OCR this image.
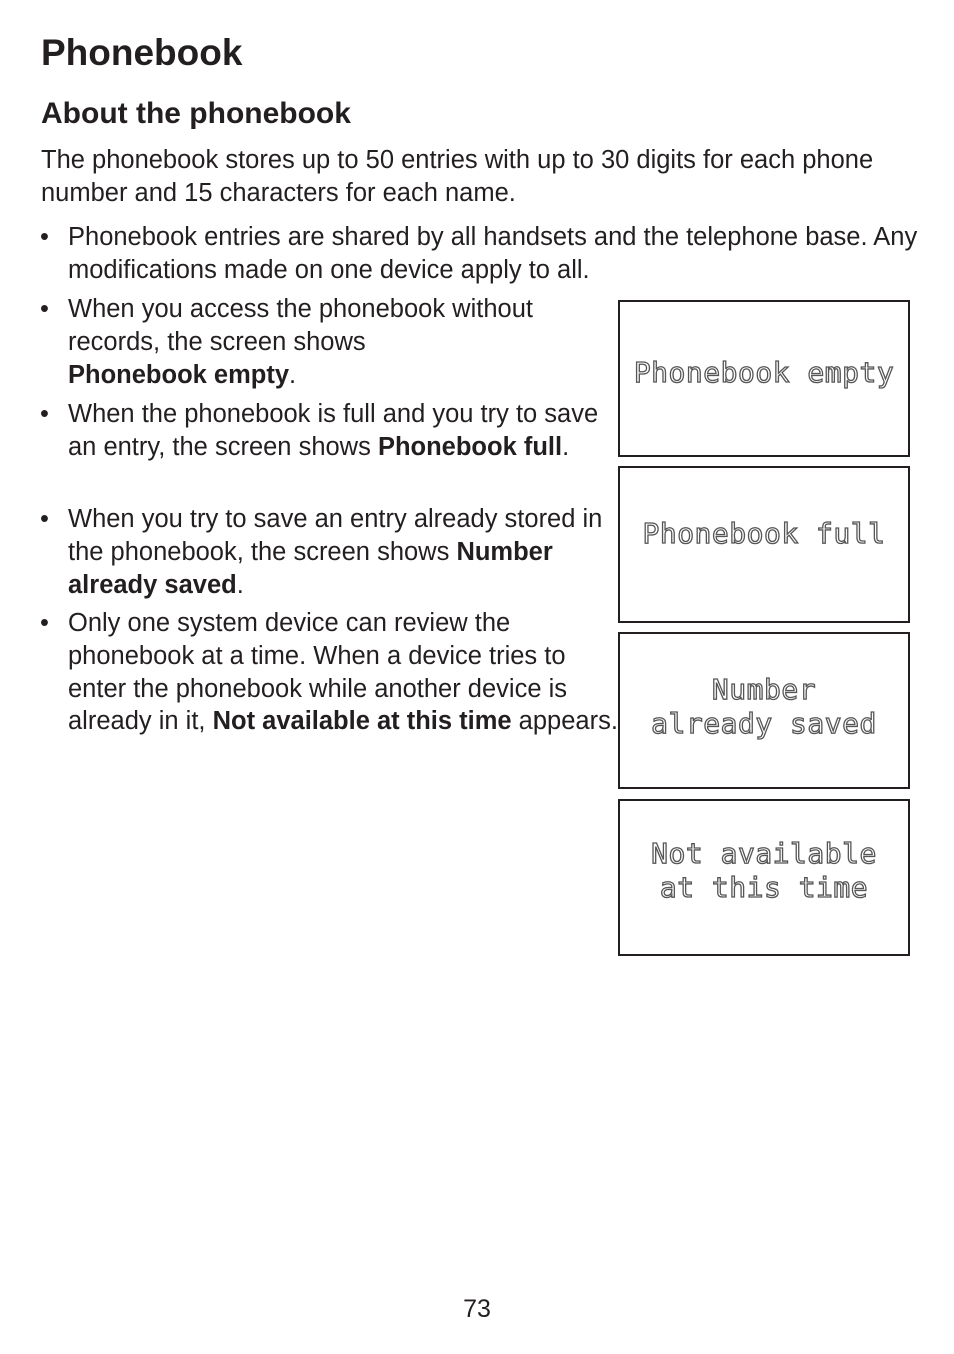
Phonebook
About the phonebook

The phonebook stores up to 50 entries with up to 30 digits for each phone number and 15 characters for each name.

• Phonebook entries are shared by all handsets and the telephone base. Any modifications made on one device apply to all.

• When you access the phonebook without records, the screen shows
Phonebook empty.

• When the phonebook is full and you try to save an entry, the screen shows Phonebook full.

• When you try to save an entry already stored in the phonebook, the screen shows Number already saved.

• Only one system device can review the phonebook at a time. When a device tries to enter the phonebook while another device is already in it, Not available at this time appears.

Phonebook empty
Phonebook full
Number
already saved
Not available
at this time

73
